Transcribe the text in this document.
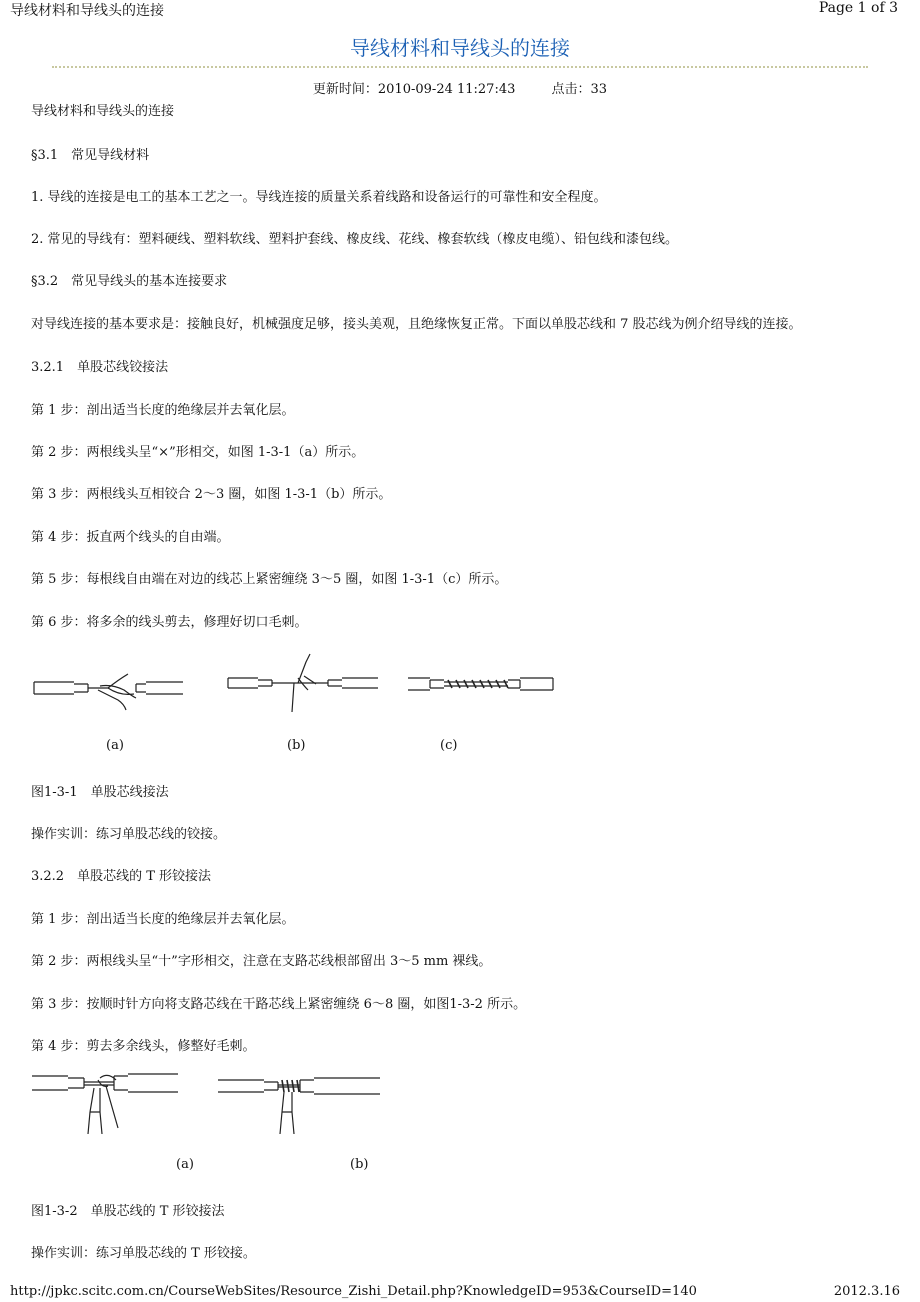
导线材料和导线头的连接	Page 1 of 3
导线材料和导线头的连接
更新时间：2010-09-24 11:27:43	点击：33
导线材料和导线头的连接
§3.1　常见导线材料
1. 导线的连接是电工的基本工艺之一。导线连接的质量关系着线路和设备运行的可靠性和安全程度。
2. 常见的导线有：塑料硬线、塑料软线、塑料护套线、橡皮线、花线、橡套软线（橡皮电缆）、铅包线和漆包线。
§3.2　常见导线头的基本连接要求
对导线连接的基本要求是：接触良好，机械强度足够，接头美观，且绝缘恢复正常。下面以单股芯线和 7 股芯线为例介绍导线的连接。
3.2.1　单股芯线铰接法
第 1 步：剖出适当长度的绝缘层并去氧化层。
第 2 步：两根线头呈“×”形相交，如图 1-3-1（a）所示。
第 3 步：两根线头互相铰合 2～3 圈，如图 1-3-1（b）所示。
第 4 步：扳直两个线头的自由端。
第 5 步：每根线自由端在对边的线芯上紧密缠绕 3～5 圈，如图 1-3-1（c）所示。
第 6 步：将多余的线头剪去，修理好切口毛刺。
(a)	(b)	(c)
图1-3-1　单股芯线接法
操作实训：练习单股芯线的铰接。
3.2.2　单股芯线的 T 形铰接法
第 1 步：剖出适当长度的绝缘层并去氧化层。
第 2 步：两根线头呈“十”字形相交，注意在支路芯线根部留出 3～5 mm 裸线。
第 3 步：按顺时针方向将支路芯线在干路芯线上紧密缠绕 6～8 圈，如图1-3-2 所示。
第 4 步：剪去多余线头，修整好毛刺。
(a)	(b)
图1-3-2　单股芯线的 T 形铰接法
操作实训：练习单股芯线的 T 形铰接。
http://jpkc.scitc.com.cn/CourseWebSites/Resource_Zishi_Detail.php?KnowledgeID=953&CourseID=140	2012.3.16
